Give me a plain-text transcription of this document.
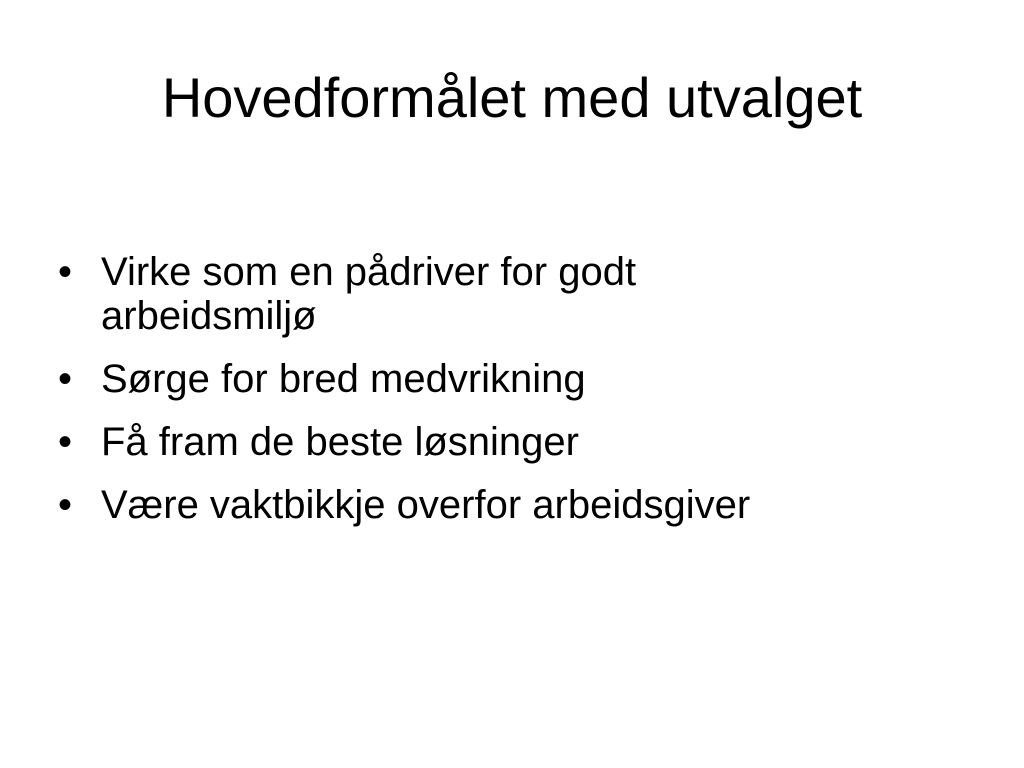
Hovedformålet med utvalget
• Virke som en pådriver for godt arbeidsmiljø
• Sørge for bred medvrikning
• Få fram de beste løsninger
• Være vaktbikkje overfor arbeidsgiver
